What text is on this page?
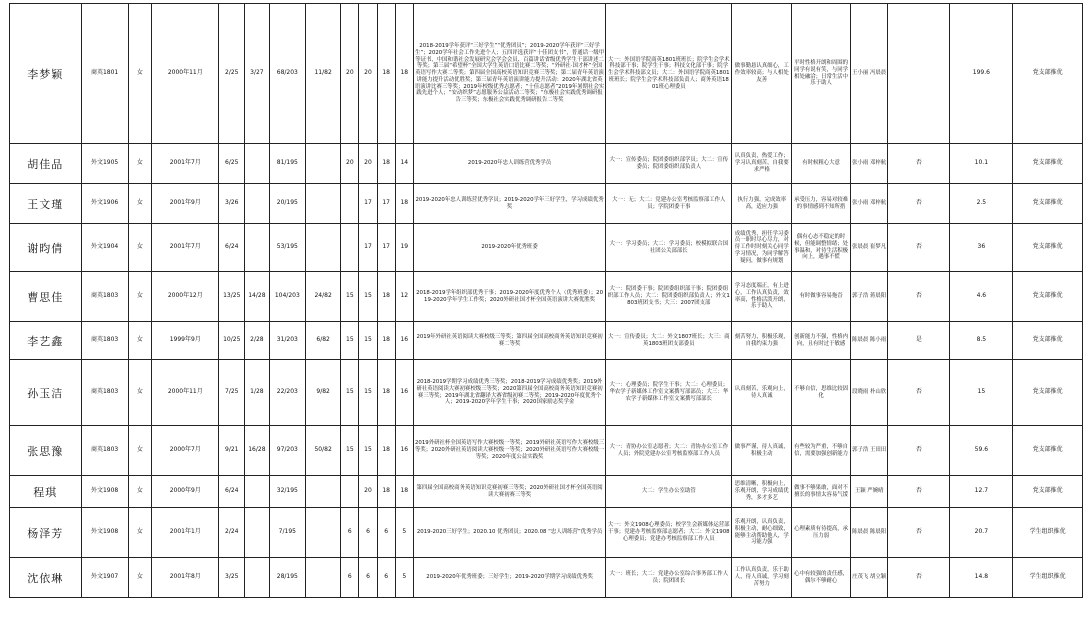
李梦颖	商英1801	女	2000年11月	2/25	3/27	68/203	11/82	20	20	18	18	2018-2019学年获评“三好学生”“优秀团员”；2019-2020学年获评“三好学生”；2020学年社会工作先进个人；五四评选获评“十佳团支书”，普通话一级甲等证书，中国和谐社会发展研究会学会会员、百篇讲话省级优秀学生干部讲述二等奖；第三届“希望杯”全国大学生英语口语比赛二等奖；“外研社·国才杯”全国英语写作大赛二等奖；第四届全国高校英语知识竞赛三等奖；第二届青年英语演讲能力提升活动优胜奖；第三届青年英语演讲能力提升活动：2020年湖北省英语演讲比赛三等奖；2019年校级优秀志愿者；“十佳志愿者”2019年暑期社会实践先进个人；“安动织梦”志愿服务公益活动二等奖；“东极社会实践优秀调研报告三等奖；东极社会实践优秀调研报告二等奖	大一：外国语学院商英1801班班长；院学生会学术科技部干事；院学生干事；科技文化部干事；院学生会学术科技部文员；大二：外国语学院商英1801班班长；院学生会学术科技部负责人；商务英语1801班心理委员	做事勤恳认真细心，工作效率较高；与人相处友善	平时性格开朗和周围的同学有说有笑，与同学相处融洽；日常生活中乐于助人	王小丽 冯晨晨		199.6	党支部推优
胡佳品	外文1905	女	2001年7月	6/25		81/195		20	20	18	14	2019-2020年忠人训练营优秀学员	大一：宣传委员；院团委组织部学员；大二：宣传委员；院团委组织部负责人	认真负责，热爱工作；学习认真刻苦，自我要求严格	有时候粗心大意	张小雨 邓梓航	否	10.1	党支部推优
王文瑾	外文1906	女	2001年9月	3/26		20/195			17	17	18	2019-2020年忠人训练营优秀学员；2019-2020学年三好学生，学习成绩优秀奖	大一：无；大二：党建办公室考核监察部工作人员；学院团委干事	执行力强，完成效率高，适应力强	承受压力，容易对较难的事情感到不知所措	张小雨 邓梓航	否	2.5	党支部推优
谢昀倩	外文1904	女	2001年7月	6/24		53/195			17	17	19	2019-2020年优秀班委	大一：学习委员；大二：学习委员；校模拟联合国社团公关部部长	成绩优秀，担任学习委员一职时尽心尽力，对待工作时时刻关心同学学习情况，为同学解答疑问，做事有规划	偶有心态不稳定的时候，但能调整情绪；处事温和，对待生活积极向上，遇事不慌	张晨晨 崔梦凡	否	36	党支部推优
曹思佳	商英1803	女	2000年12月	13/25	14/28	104/203	24/82	15	15	18	12	2018-2019学年组织部优秀干事；2019-2020年度优秀个人（优秀班委）；2019-2020学年学生工作奖；2020外研社国才杯全国英语演讲大赛优胜奖	大一：院团委干事；院团委组织部干事；院团委组织部工作人员；大二：院团委组织部负责人；外文1803班团支书；大三：2007团支部	学习态度端正，有上进心，工作认真负责，效率高，性格活泼开朗，乐于助人	有时做事容易拖沓	郭子浩 蒋晨阳	否	4.6	党支部推优
李艺鑫	商英1803	女	1999年9月	10/25	2/28	31/203	6/82	15	15	18	16	2019年外研社英语阅读大赛校级三等奖；第四届全国高校商务英语知识竞赛初赛二等奖	大一：宣传委员；大二：外文1807班长；大三：商英1803班团支部委员	刻苦努力，积极乐观，自我约束力强	创新能力不强，性格内向，且有时过于敏感	陈晨晨 陈小雨	是	8.5	党支部推优
孙玉洁	商英1803	女	2000年11月	7/25	1/28	22/203	9/82	15	15	18	16	2018-2019学期学习成绩优秀三等奖；2018-2019学习成绩优秀奖；2019外研社英语阅读大赛初赛校级三等奖；2020第四届全国高校商务英语知识竞赛初赛三等奖；2019年湖北省翻译大赛省级初赛二等奖；2019-2020年度优秀个人；2019-2020学年学生干事；2020国家励志奖学金	大一：心理委员；院学生干事；大二：心理委员；华农学子新媒体工作室文案撰写部部员；大三：华农学子新媒体工作室文案撰写部部长	认真刻苦，乐观向上，待人真诚	不够自信，思维比较固化	段晓雨 朴山欣	否	15	党支部推优
张思豫	商英1803	女	2000年7月	9/21	16/28	97/203	50/82	15	15	18	16	2019外研社杯全国英语写作大赛校级一等奖；2019外研社英语写作大赛校级三等奖；2020外研社英语阅读大赛校级一等奖；2020外研社英语写作大赛校级一等奖；2020年度公益实践奖	大一：青协办公室志愿者；大二：青协办公室工作人员；外院党建办公室考核监察部工作人员	做事严谨，待人真诚，积极主动	有些较为严重，不够自信，需要加强创新能力	郭子浩 王田田	否	59.6	党支部推优
程琪	外文1908	女	2000年9月	6/24		32/195			20	18	18	第四届全国高校商务英语知识竞赛初赛三等奖；2020外研社国才杯全国英语阅读大赛初赛三等奖	大二：学生办公室助管	思维清晰，积极向上，乐观开朗，学习成绩优秀，多才多艺	做事不够果敢，面对不擅长的事情太容易气馁	王颖 严婉晴	否	12.7	党支部推优
杨泽芳	外文1908	女	2001年1月	2/24		7/195		6	6	6	5	2019-2020三好学生；2020.10 优秀团员；2020.08 “忠人训练营”优秀学员	大一：外文1908心理委员；校学生会新媒体运营部干事；党建办考核监察部志愿者；大二：外文1908心理委员；党建办考核监察部工作人员	乐观开朗，认真负责，积极主动，耐心细致，能够主动帮助他人，学习能力强	心理素质有待提高，承压力弱	陈晨晨 陈晨阳	否	20.7	学生组织推优
沈依琳	外文1907	女	2001年8月	3/25		28/195		6	6	6	5	2019-2020年优秀班委；三好学生；2019-2020学期学习成绩优秀奖	大一：班长；大二：党建办公室综合事务部工作人员；院团团长	工作认真负责，乐于助人，待人真诚，学习刻苦努力	心中有较强的责任感，偶尔不够耐心	庄茂飞 胡立颖	否	14.8	学生组织推优
